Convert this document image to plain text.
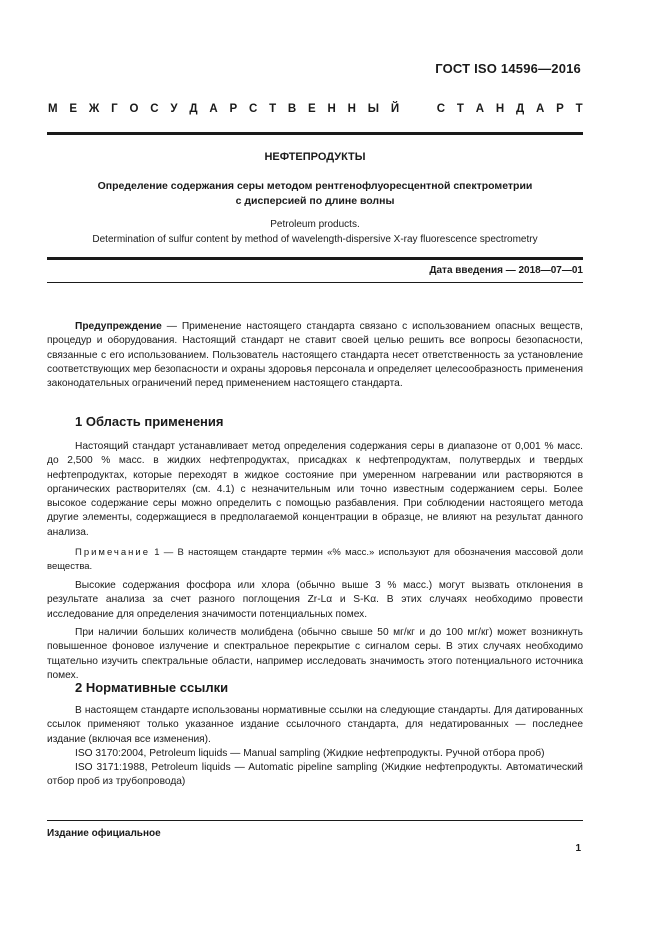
ГОСТ ISO 14596—2016
М Е Ж Г О С У Д А Р С Т В Е Н Н Ы Й	С Т А Н Д А Р Т
НЕФТЕПРОДУКТЫ
Определение содержания серы методом рентгенофлуоресцентной спектрометрии
с дисперсией по длине волны
Petroleum products.
Determination of sulfur content by method of wavelength-dispersive X-ray fluorescence spectrometry
Дата введения — 2018—07—01

Предупреждение — Применение настоящего стандарта связано с использованием опасных веществ, процедур и оборудования. Настоящий стандарт не ставит своей целью решить все вопросы безопасности, связанные с его использованием. Пользователь настоящего стандарта несет ответственность за установление соответствующих мер безопасности и охраны здоровья персонала и определяет целесообразность применения законодательных ограничений перед применением настоящего стандарта.

1 Область применения

Настоящий стандарт устанавливает метод определения содержания серы в диапазоне от 0,001 % масс. до 2,500 % масс. в жидких нефтепродуктах, присадках к нефтепродуктам, полутвердых и твердых нефтепродуктах, которые переходят в жидкое состояние при умеренном нагревании или растворяются в органических растворителях (см. 4.1) с незначительным или точно известным содержанием серы. Более высокое содержание серы можно определить с помощью разбавления. При соблюдении настоящего метода другие элементы, содержащиеся в предполагаемой концентрации в образце, не влияют на результат данного анализа.

Примечание 1 — В настоящем стандарте термин «% масс.» используют для обозначения массовой доли вещества.

Высокие содержания фосфора или хлора (обычно выше 3 % масс.) могут вызвать отклонения в результате анализа за счет разного поглощения Zr-Lα и S-Kα. В этих случаях необходимо провести исследование для определения значимости потенциальных помех.

При наличии больших количеств молибдена (обычно свыше 50 мг/кг и до 100 мг/кг) может возникнуть повышенное фоновое излучение и спектральное перекрытие с сигналом серы. В этих случаях необходимо тщательно изучить спектральные области, например исследовать значимость этого потенциального источника помех.

2 Нормативные ссылки

В настоящем стандарте использованы нормативные ссылки на следующие стандарты. Для датированных ссылок применяют только указанное издание ссылочного стандарта, для недатированных — последнее издание (включая все изменения).

ISO 3170:2004, Petroleum liquids — Manual sampling (Жидкие нефтепродукты. Ручной отбора проб)

ISO 3171:1988, Petroleum liquids — Automatic pipeline sampling (Жидкие нефтепродукты. Автоматический отбор проб из трубопровода)

Издание официальное
1
